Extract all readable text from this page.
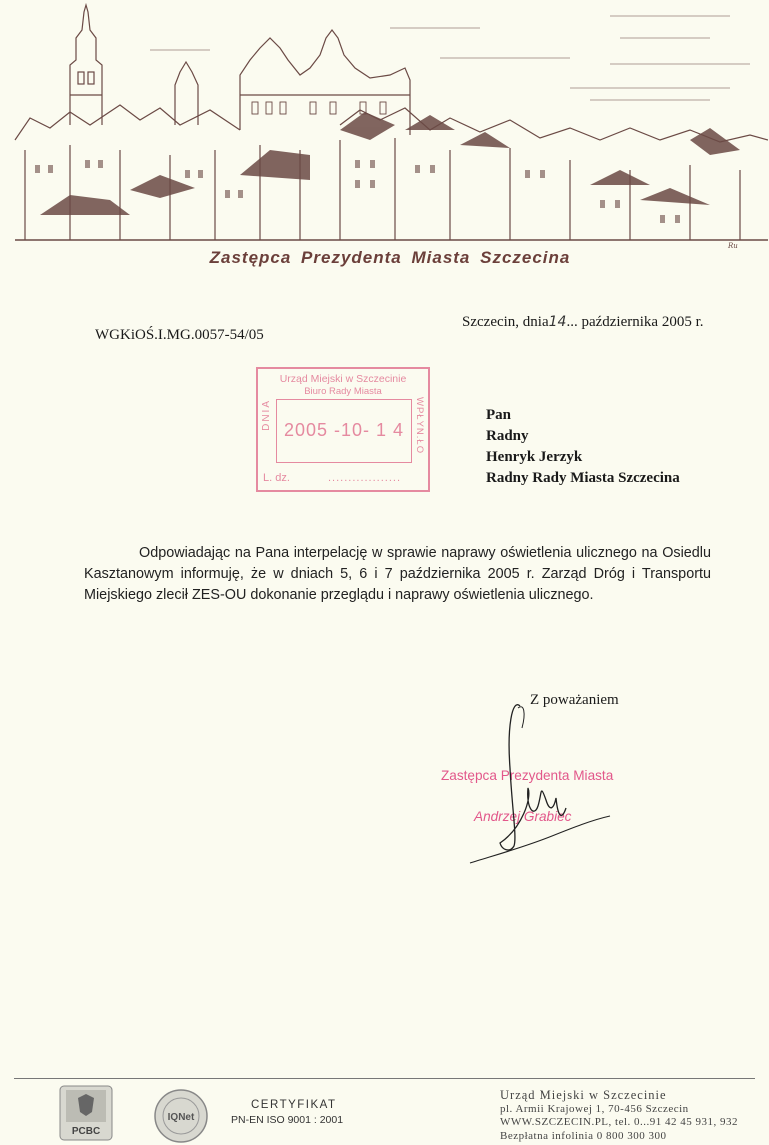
Ru
Zastępca Prezydenta Miasta Szczecina
WGKiOŚ.I.MG.0057-54/05
Szczecin, dnia14... października 2005 r.
Urząd Miejski w Szczecinie
Biuro Rady Miasta
DNIA	WPŁYN.ŁO
2005 -10- 1 4
L. dz.	..................
Pan
Radny
Henryk Jerzyk
Radny Rady Miasta Szczecina
Odpowiadając na Pana interpelację w sprawie naprawy oświetlenia ulicznego na Osiedlu Kasztanowym informuję, że w dniach 5, 6 i 7 października 2005 r. Zarząd Dróg i Transportu Miejskiego zlecił ZES-OU dokonanie przeglądu i naprawy oświetlenia ulicznego.
Z poważaniem
Zastępca Prezydenta Miasta
Andrzej Grabiec
PCBC
IQNet
CERTYFIKAT
PN-EN ISO 9001 : 2001
Urząd Miejski w Szczecinie
pl. Armii Krajowej 1, 70-456 Szczecin
WWW.SZCZECIN.PL, tel. 0...91 42 45 931, 932
Bezpłatna infolinia 0 800 300 300
